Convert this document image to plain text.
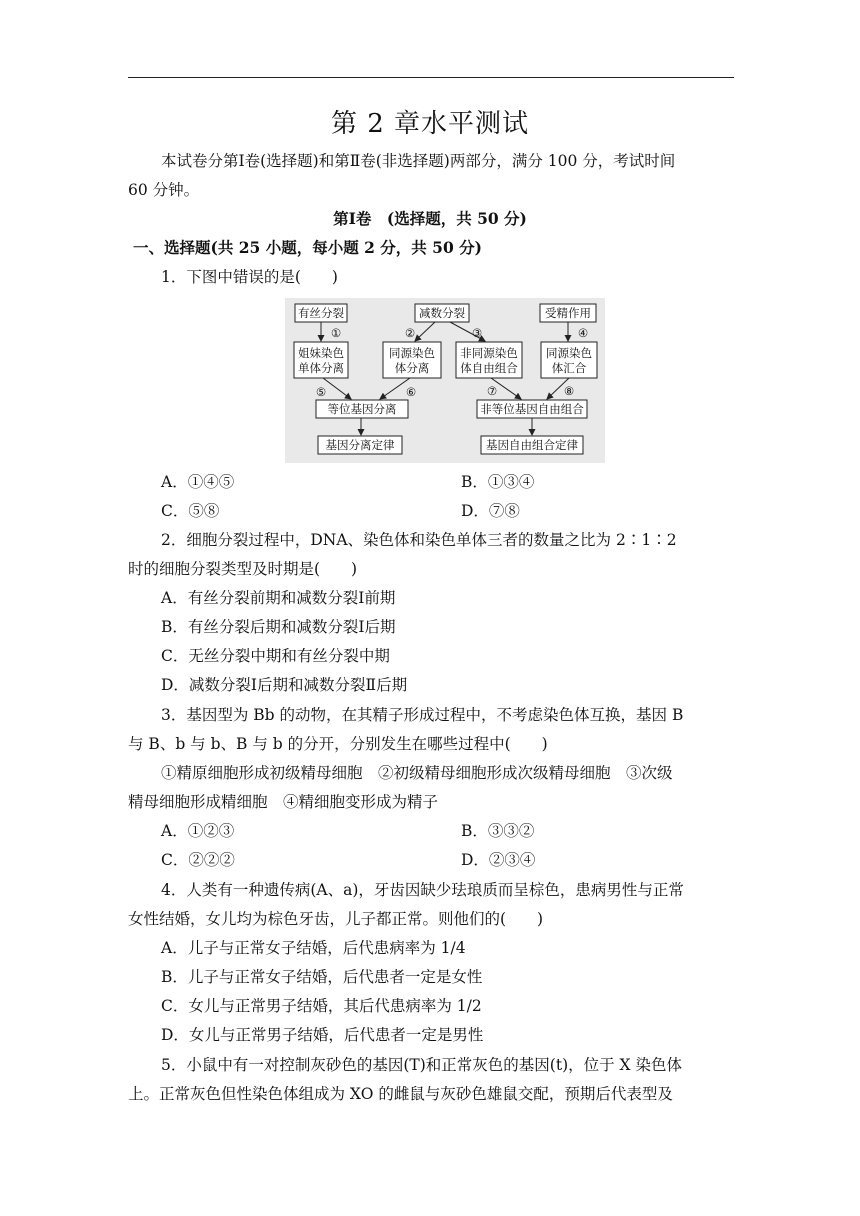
第 2 章水平测试
本试卷分第Ⅰ卷(选择题)和第Ⅱ卷(非选择题)两部分，满分 100 分，考试时间
60 分钟。
第Ⅰ卷　(选择题，共 50 分)
一、选择题(共 25 小题，每小题 2 分，共 50 分)
1．下图中错误的是(　　)
有丝分裂	减数分裂	受精作用
姐妹染色
单体分离
同源染色
体分离
非同源染色
体自由组合
同源染色
体汇合
等位基因分离	非等位基因自由组合
基因分离定律	基因自由组合定律
①	②	③	④
⑤	⑥	⑦	⑧
A．①④⑤	B．①③④
C．⑤⑧	D．⑦⑧
2．细胞分裂过程中，DNA、染色体和染色单体三者的数量之比为 2∶1∶2
时的细胞分裂类型及时期是(　　)
A．有丝分裂前期和减数分裂Ⅰ前期
B．有丝分裂后期和减数分裂Ⅰ后期
C．无丝分裂中期和有丝分裂中期
D．减数分裂Ⅰ后期和减数分裂Ⅱ后期
3．基因型为 Bb 的动物，在其精子形成过程中，不考虑染色体互换，基因 B
与 B、b 与 b、B 与 b 的分开，分别发生在哪些过程中(　　)
①精原细胞形成初级精母细胞　②初级精母细胞形成次级精母细胞　③次级
精母细胞形成精细胞　④精细胞变形成为精子
A．①②③	B．③③②
C．②②②	D．②③④
4．人类有一种遗传病(A、a)，牙齿因缺少珐琅质而呈棕色，患病男性与正常
女性结婚，女儿均为棕色牙齿，儿子都正常。则他们的(　　)
A．儿子与正常女子结婚，后代患病率为 1/4
B．儿子与正常女子结婚，后代患者一定是女性
C．女儿与正常男子结婚，其后代患病率为 1/2
D．女儿与正常男子结婚，后代患者一定是男性
5．小鼠中有一对控制灰砂色的基因(T)和正常灰色的基因(t)，位于 X 染色体
上。正常灰色但性染色体组成为 XO 的雌鼠与灰砂色雄鼠交配，预期后代表型及
